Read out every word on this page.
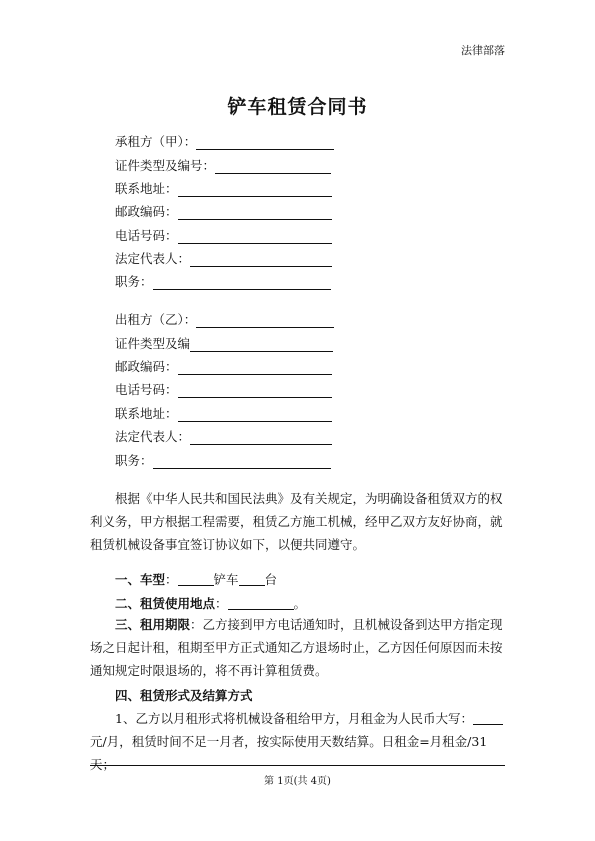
法律部落
铲车租赁合同书
承租方（甲）：
证件类型及编号：
联系地址：
邮政编码：
电话号码：
法定代表人：
职务：
出租方（乙）：
证件类型及编
邮政编码：
电话号码：
联系地址：
法定代表人：
职务：

根据《中华人民共和国民法典》及有关规定，为明确设备租赁双方的权利义务，甲方根据工程需要，租赁乙方施工机械，经甲乙双方友好协商，就租赁机械设备事宜签订协议如下，以便共同遵守。

一、车型：	铲车 台
二、租赁使用地点：	。

三、租用期限：乙方接到甲方电话通知时，且机械设备到达甲方指定现场之日起计租，租期至甲方正式通知乙方退场时止，乙方因任何原因而未按通知规定时限退场的，将不再计算租赁费。

四、租赁形式及结算方式

1、乙方以月租形式将机械设备租给甲方，月租金为人民币大写：元/月，租赁时间不足一月者，按实际使用天数结算。日租金=月租金/31 天；

第 1页(共 4页)
